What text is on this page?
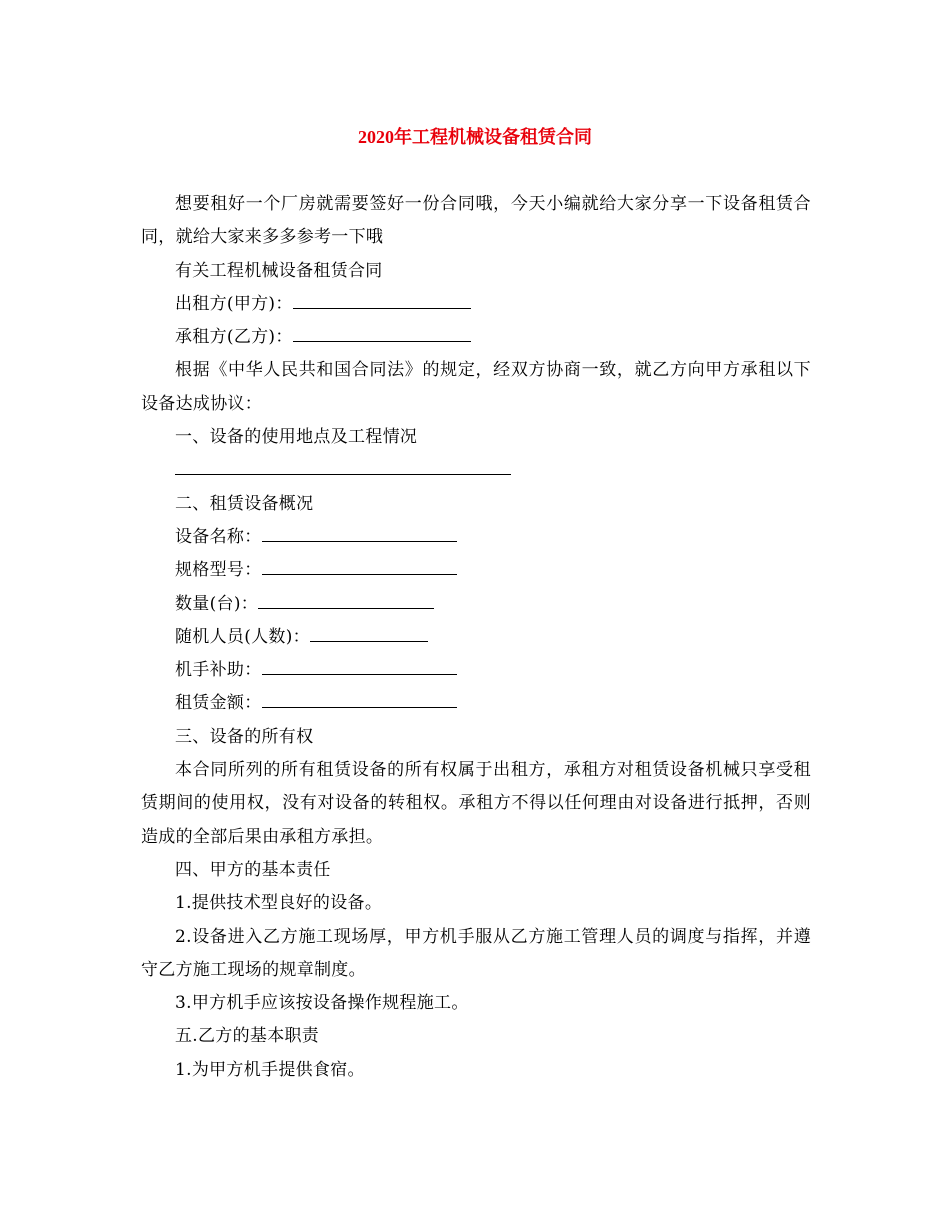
2020年工程机械设备租赁合同

想要租好一个厂房就需要签好一份合同哦，今天小编就给大家分享一下设备租赁合同，就给大家来多多参考一下哦

有关工程机械设备租赁合同

出租方(甲方)：

承租方(乙方)：

根据《中华人民共和国合同法》的规定，经双方协商一致，就乙方向甲方承租以下设备达成协议：

一、设备的使用地点及工程情况

二、租赁设备概况

设备名称：

规格型号：

数量(台)：

随机人员(人数)：

机手补助：

租赁金额：

三、设备的所有权

本合同所列的所有租赁设备的所有权属于出租方，承租方对租赁设备机械只享受租赁期间的使用权，没有对设备的转租权。承租方不得以任何理由对设备进行抵押，否则造成的全部后果由承租方承担。

四、甲方的基本责任

1.提供技术型良好的设备。

2.设备进入乙方施工现场厚，甲方机手服从乙方施工管理人员的调度与指挥，并遵守乙方施工现场的规章制度。

3.甲方机手应该按设备操作规程施工。

五.乙方的基本职责

1.为甲方机手提供食宿。
